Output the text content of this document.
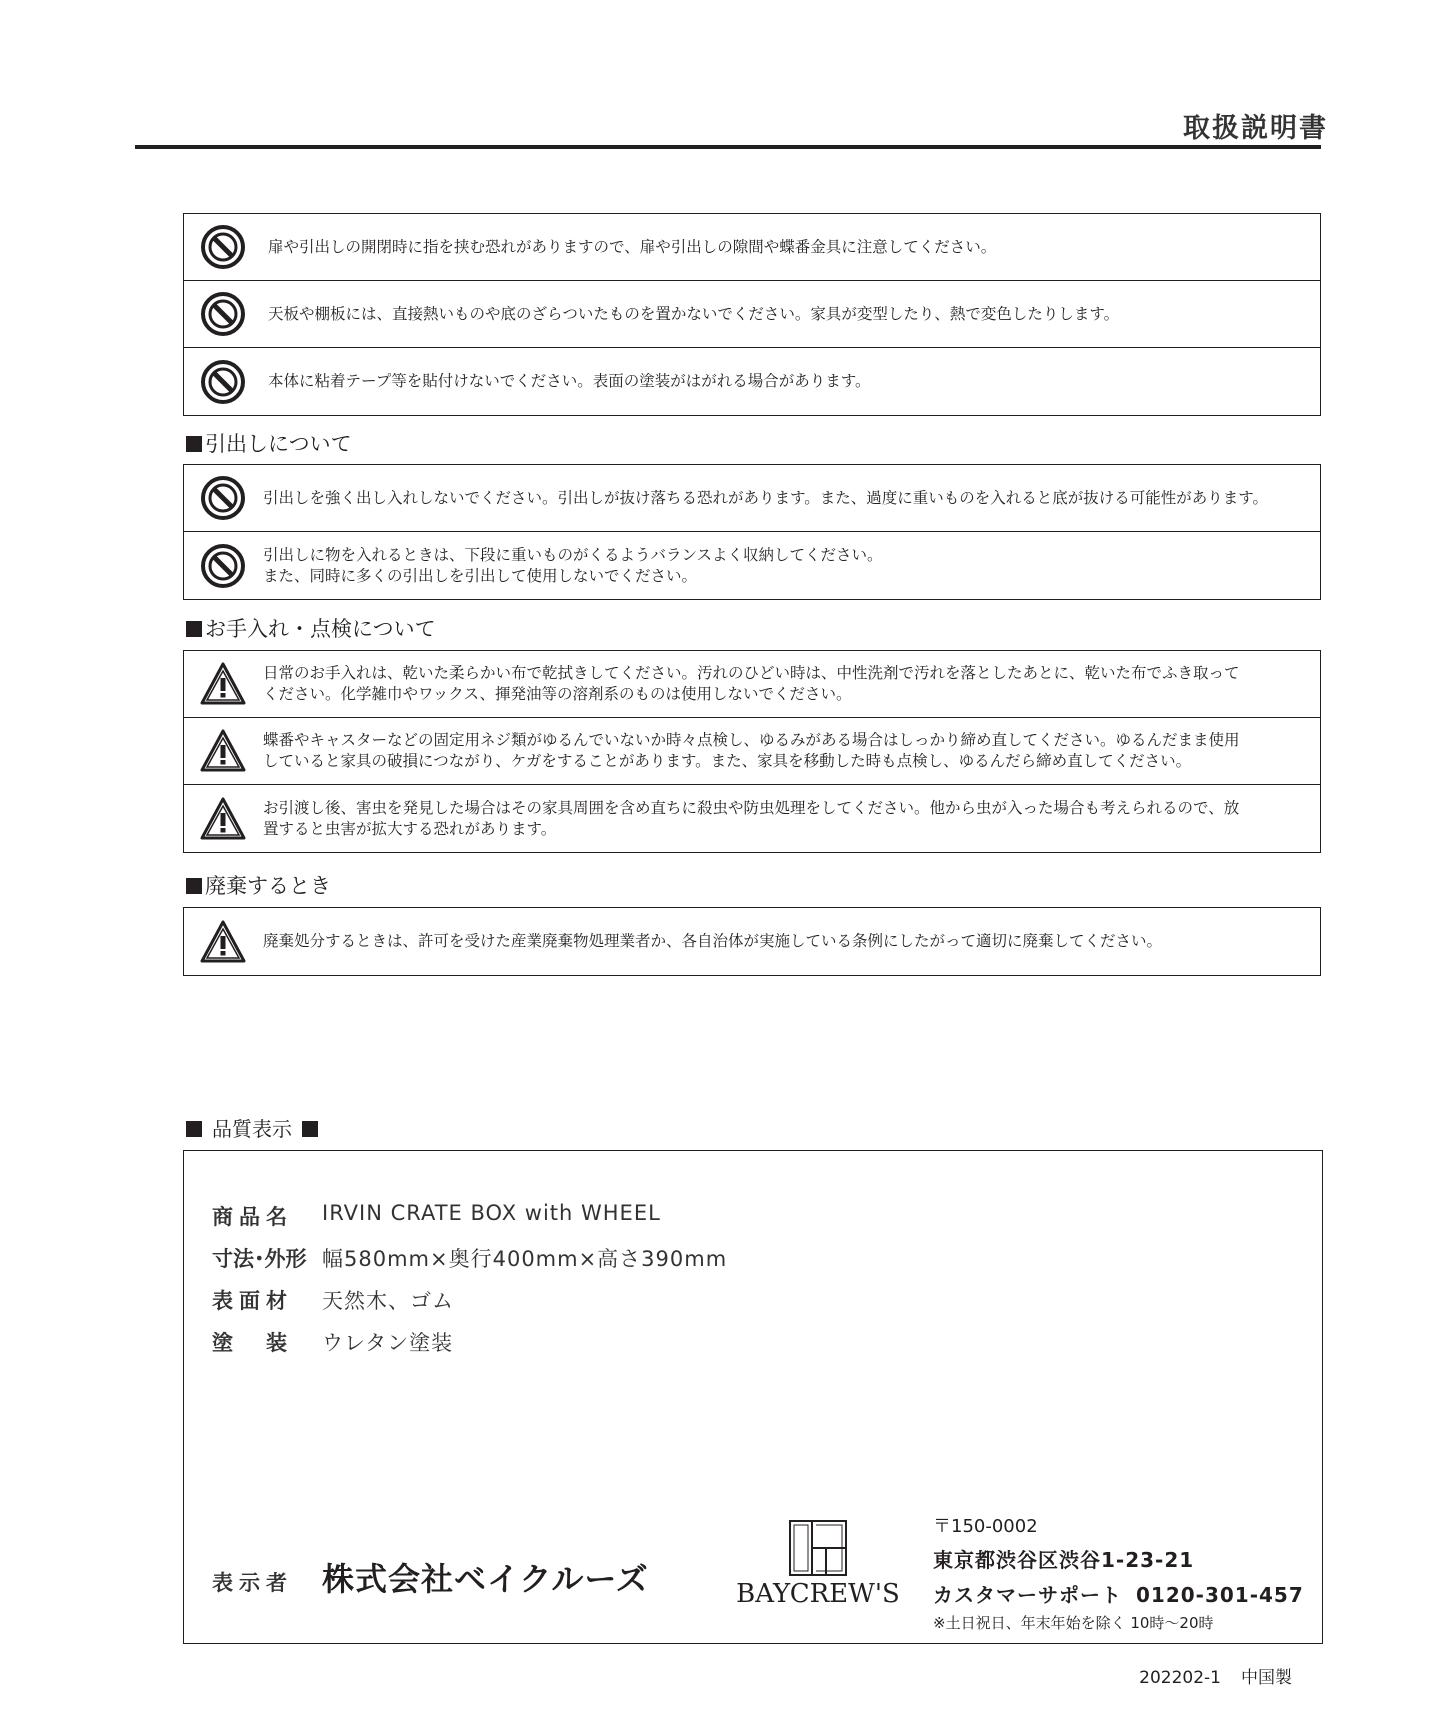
取扱説明書
扉や引出しの開閉時に指を挟む恐れがありますので、扉や引出しの隙間や蝶番金具に注意してください。
天板や棚板には、直接熱いものや底のざらついたものを置かないでください。家具が変型したり、熱で変色したりします。
本体に粘着テープ等を貼付けないでください。表面の塗装がはがれる場合があります。
引出しについて
引出しを強く出し入れしないでください。引出しが抜け落ちる恐れがあります。また、過度に重いものを入れると底が抜ける可能性があります。
引出しに物を入れるときは、下段に重いものがくるようバランスよく収納してください。
また、同時に多くの引出しを引出して使用しないでください。
お手入れ・点検について
日常のお手入れは、乾いた柔らかい布で乾拭きしてください。汚れのひどい時は、中性洗剤で汚れを落としたあとに、乾いた布でふき取って
ください。化学雑巾やワックス、揮発油等の溶剤系のものは使用しないでください。
蝶番やキャスターなどの固定用ネジ類がゆるんでいないか時々点検し、ゆるみがある場合はしっかり締め直してください。ゆるんだまま使用
していると家具の破損につながり、ケガをすることがあります。また、家具を移動した時も点検し、ゆるんだら締め直してください。
お引渡し後、害虫を発見した場合はその家具周囲を含め直ちに殺虫や防虫処理をしてください。他から虫が入った場合も考えられるので、放
置すると虫害が拡大する恐れがあります。
廃棄するとき
廃棄処分するときは、許可を受けた産業廃棄物処理業者か、各自治体が実施している条例にしたがって適切に廃棄してください。
品質表示
商品名	IRVIN CRATE BOX with WHEEL
寸法･外形 幅580mm×奥行400mm×高さ390mm
表面材	天然木、ゴム
塗　装	ウレタン塗装
表示者 株式会社ベイクルーズ	BAYCREW'S
〒150-0002
東京都渋谷区渋谷1-23-21
カスタマーサポート 0120-301-457
※土日祝日、年末年始を除く 10時〜20時
202202-1 中国製
